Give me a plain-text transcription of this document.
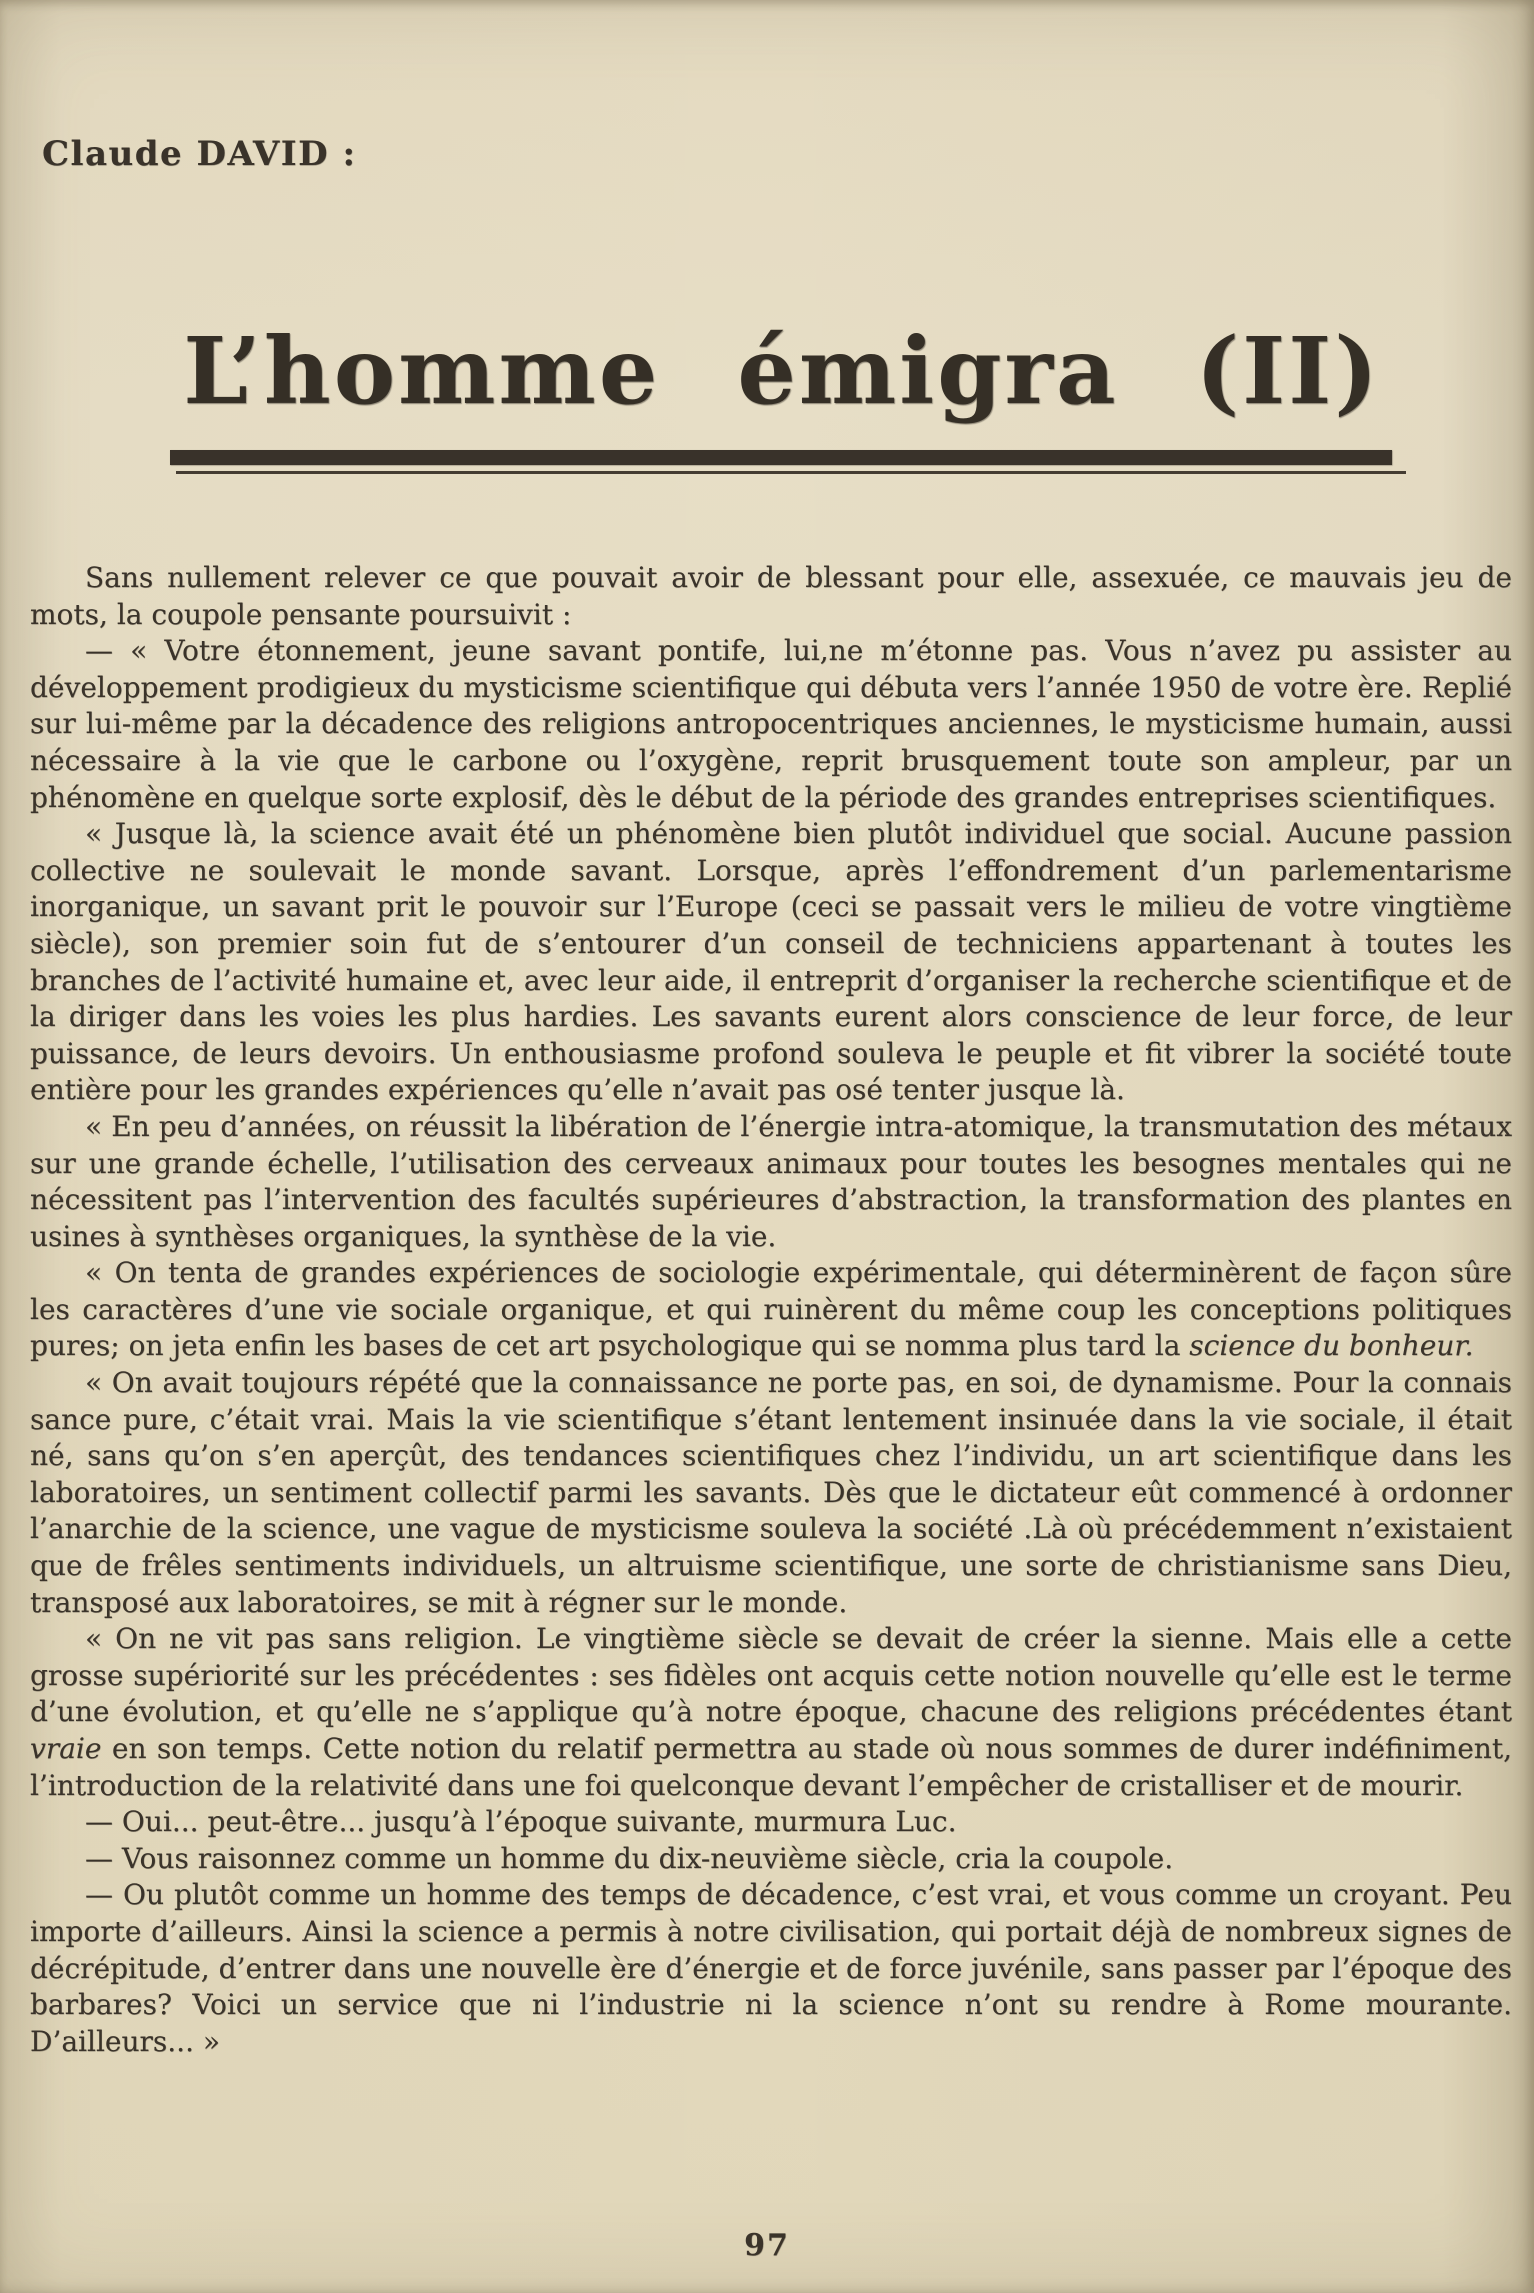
Claude DAVID :
L’homme émigra (II)

Sans nullement relever ce que pouvait avoir de blessant pour elle, assexuée, ce mauvais jeu de mots, la coupole pensante poursuivit :

— « Votre étonnement, jeune savant pontife, lui,ne m’étonne pas. Vous n’avez pu assister au développement prodigieux du mysticisme scientifique qui débuta vers l’année 1950 de votre ère. Replié sur lui-même par la décadence des religions antropocentriques anciennes, le mysticisme humain, aussi nécessaire à la vie que le carbone ou l’oxygène, reprit brusquement toute son ampleur, par un phénomène en quelque sorte explosif, dès le début de la période des grandes entreprises scientifiques.

« Jusque là, la science avait été un phénomène bien plutôt individuel que social. Aucune passion collective ne soulevait le monde savant. Lorsque, après l’effondrement d’un parlementarisme inorganique, un savant prit le pouvoir sur l’Europe (ceci se passait vers le milieu de votre vingtième siècle), son premier soin fut de s’entourer d’un conseil de techniciens appartenant à toutes les branches de l’activité humaine et, avec leur aide, il entreprit d’organiser la recherche scientifique et de la diriger dans les voies les plus hardies. Les savants eurent alors conscience de leur force, de leur puissance, de leurs devoirs. Un enthousiasme profond souleva le peuple et fit vibrer la société toute entière pour les grandes expériences qu’elle n’avait pas osé tenter jusque là.

« En peu d’années, on réussit la libération de l’énergie intra-atomique, la transmutation des métaux sur une grande échelle, l’utilisation des cerveaux animaux pour toutes les besognes mentales qui ne nécessitent pas l’intervention des facultés supérieures d’abstraction, la transformation des plantes en usines à synthèses organiques, la synthèse de la vie.

« On tenta de grandes expériences de sociologie expérimentale, qui déterminèrent de façon sûre les caractères d’une vie sociale organique, et qui ruinèrent du même coup les conceptions politiques pures; on jeta enfin les bases de cet art psychologique qui se nomma plus tard la science du bonheur.

« On avait toujours répété que la connaissance ne porte pas, en soi, de dynamisme. Pour la connais sance pure, c’était vrai. Mais la vie scientifique s’étant lentement insinuée dans la vie sociale, il était né, sans qu’on s’en aperçût, des tendances scientifiques chez l’individu, un art scientifique dans les laboratoires, un sentiment collectif parmi les savants. Dès que le dictateur eût commencé à ordonner l’anarchie de la science, une vague de mysticisme souleva la société .Là où précédemment n’existaient que de frêles sentiments individuels, un altruisme scientifique, une sorte de christianisme sans Dieu, transposé aux laboratoires, se mit à régner sur le monde.

« On ne vit pas sans religion. Le vingtième siècle se devait de créer la sienne. Mais elle a cette grosse supériorité sur les précédentes : ses fidèles ont acquis cette notion nouvelle qu’elle est le terme d’une évolution, et qu’elle ne s’applique qu’à notre époque, chacune des religions précédentes étant vraie en son temps. Cette notion du relatif permettra au stade où nous sommes de durer indéfiniment, l’introduction de la relativité dans une foi quelconque devant l’empêcher de cristalliser et de mourir.

— Oui... peut-être... jusqu’à l’époque suivante, murmura Luc.

— Vous raisonnez comme un homme du dix-neuvième siècle, cria la coupole.

— Ou plutôt comme un homme des temps de décadence, c’est vrai, et vous comme un croyant. Peu importe d’ailleurs. Ainsi la science a permis à notre civilisation, qui portait déjà de nombreux signes de décrépitude, d’entrer dans une nouvelle ère d’énergie et de force juvénile, sans passer par l’époque des barbares? Voici un service que ni l’industrie ni la science n’ont su rendre à Rome mourante. D’ailleurs... »

97
